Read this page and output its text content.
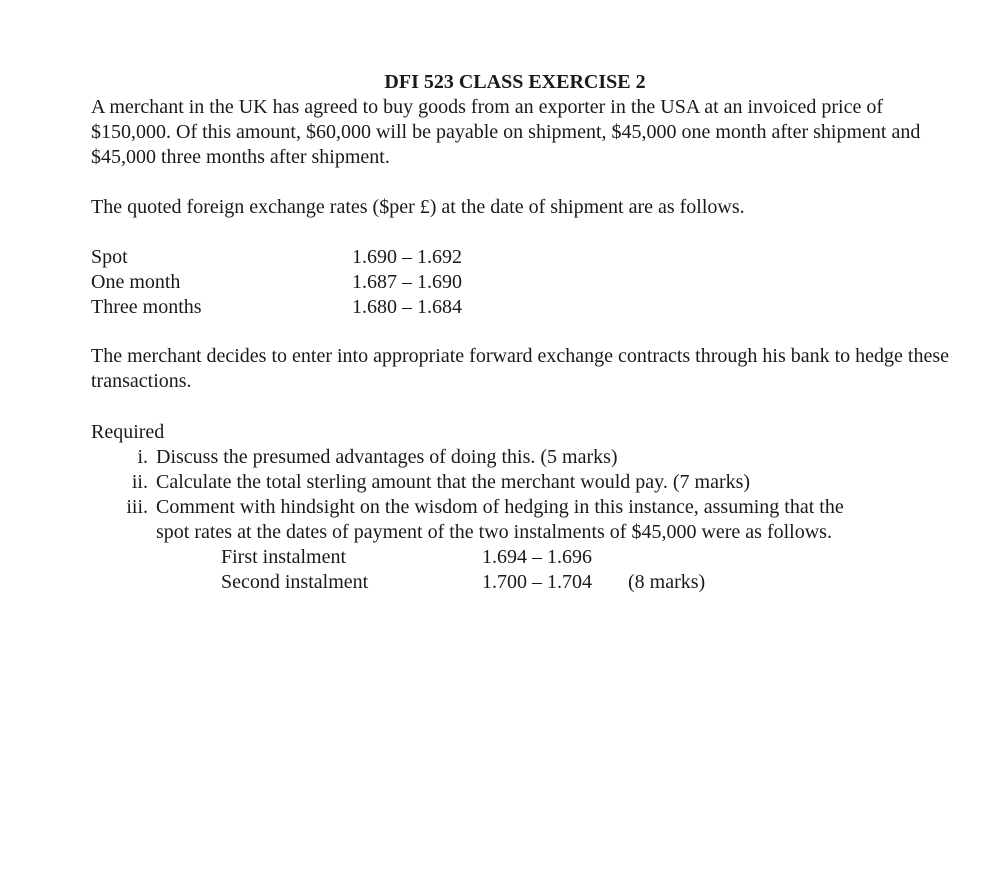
DFI 523 CLASS EXERCISE 2
A merchant in the UK has agreed to buy goods from an exporter in the USA at an invoiced price of $150,000. Of this amount, $60,000 will be payable on shipment, $45,000 one month after shipment and $45,000 three months after shipment.
The quoted foreign exchange rates ($per £) at the date of shipment are as follows.
Spot	1.690 – 1.692
One month	1.687 – 1.690
Three months	1.680 – 1.684
The merchant decides to enter into appropriate forward exchange contracts through his bank to hedge these transactions.
Required
i. Discuss the presumed advantages of doing this. (5 marks)
ii. Calculate the total sterling amount that the merchant would pay. (7 marks)
iii. Comment with hindsight on the wisdom of hedging in this instance, assuming that the
spot rates at the dates of payment of the two instalments of $45,000 were as follows.
First instalment	1.694 – 1.696
Second instalment	1.700 – 1.704 (8 marks)
